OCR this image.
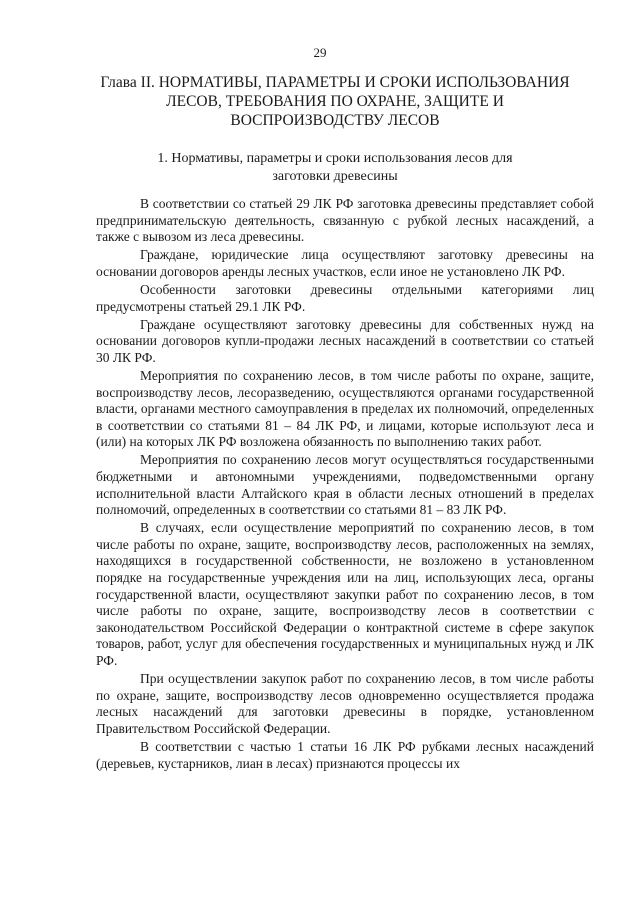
29
Глава II. НОРМАТИВЫ, ПАРАМЕТРЫ И СРОКИ ИСПОЛЬЗОВАНИЯ ЛЕСОВ, ТРЕБОВАНИЯ ПО ОХРАНЕ, ЗАЩИТЕ И ВОСПРОИЗВОДСТВУ ЛЕСОВ
1. Нормативы, параметры и сроки использования лесов для заготовки древесины

В соответствии со статьей 29 ЛК РФ заготовка древесины представляет собой предпринимательскую деятельность, связанную с рубкой лесных насаждений, а также с вывозом из леса древесины.

Граждане, юридические лица осуществляют заготовку древесины на основании договоров аренды лесных участков, если иное не установлено ЛК РФ.

Особенности заготовки древесины отдельными категориями лиц предусмотрены статьей 29.1 ЛК РФ.

Граждане осуществляют заготовку древесины для собственных нужд на основании договоров купли-продажи лесных насаждений в соответствии со статьей 30 ЛК РФ.

Мероприятия по сохранению лесов, в том числе работы по охране, защите, воспроизводству лесов, лесоразведению, осуществляются органами государственной власти, органами местного самоуправления в пределах их полномочий, определенных в соответствии со статьями 81 – 84 ЛК РФ, и лицами, которые используют леса и (или) на которых ЛК РФ возложена обязанность по выполнению таких работ.

Мероприятия по сохранению лесов могут осуществляться государственными бюджетными и автономными учреждениями, подведомственными органу исполнительной власти Алтайского края в области лесных отношений в пределах полномочий, определенных в соответствии со статьями 81 – 83 ЛК РФ.

В случаях, если осуществление мероприятий по сохранению лесов, в том числе работы по охране, защите, воспроизводству лесов, расположенных на землях, находящихся в государственной собственности, не возложено в установленном порядке на государственные учреждения или на лиц, использующих леса, органы государственной власти, осуществляют закупки работ по сохранению лесов, в том числе работы по охране, защите, воспроизводству лесов в соответствии с законодательством Российской Федерации о контрактной системе в сфере закупок товаров, работ, услуг для обеспечения государственных и муниципальных нужд и ЛК РФ.

При осуществлении закупок работ по сохранению лесов, в том числе работы по охране, защите, воспроизводству лесов одновременно осуществляется продажа лесных насаждений для заготовки древесины в порядке, установленном Правительством Российской Федерации.

В соответствии с частью 1 статьи 16 ЛК РФ рубками лесных насаждений (деревьев, кустарников, лиан в лесах) признаются процессы их
